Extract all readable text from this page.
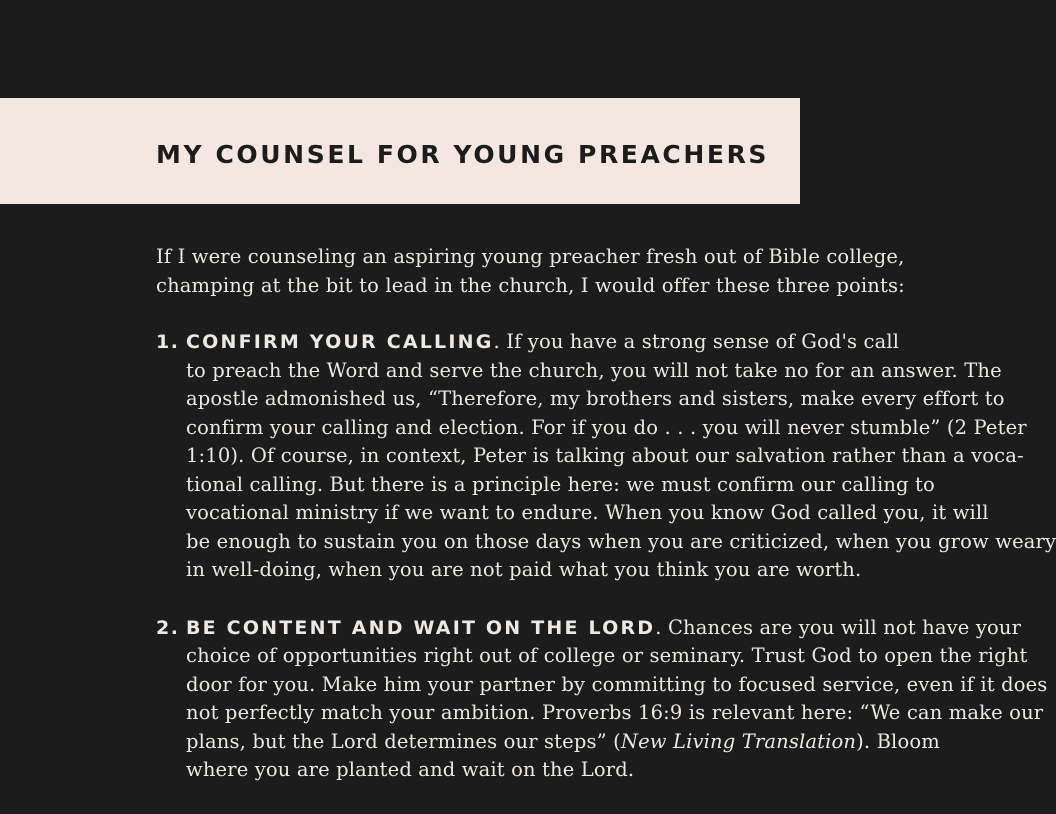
MY COUNSEL FOR YOUNG PREACHERS
If I were counseling an aspiring young preacher fresh out of Bible college,
champing at the bit to lead in the church, I would offer these three points:
1. CONFIRM YOUR CALLING. If you have a strong sense of God's call
to preach the Word and serve the church, you will not take no for an answer. The
apostle admonished us, “Therefore, my brothers and sisters, make every effort to
confirm your calling and election. For if you do . . . you will never stumble” (2 Peter
1:10). Of course, in context, Peter is talking about our salvation rather than a voca-
tional calling. But there is a principle here: we must confirm our calling to
vocational ministry if we want to endure. When you know God called you, it will
be enough to sustain you on those days when you are criticized, when you grow weary
in well-doing, when you are not paid what you think you are worth.
2. BE CONTENT AND WAIT ON THE LORD. Chances are you will not have your
choice of opportunities right out of college or seminary. Trust God to open the right
door for you. Make him your partner by committing to focused service, even if it does
not perfectly match your ambition. Proverbs 16:9 is relevant here: “We can make our
plans, but the Lord determines our steps” (New Living Translation). Bloom
where you are planted and wait on the Lord.
